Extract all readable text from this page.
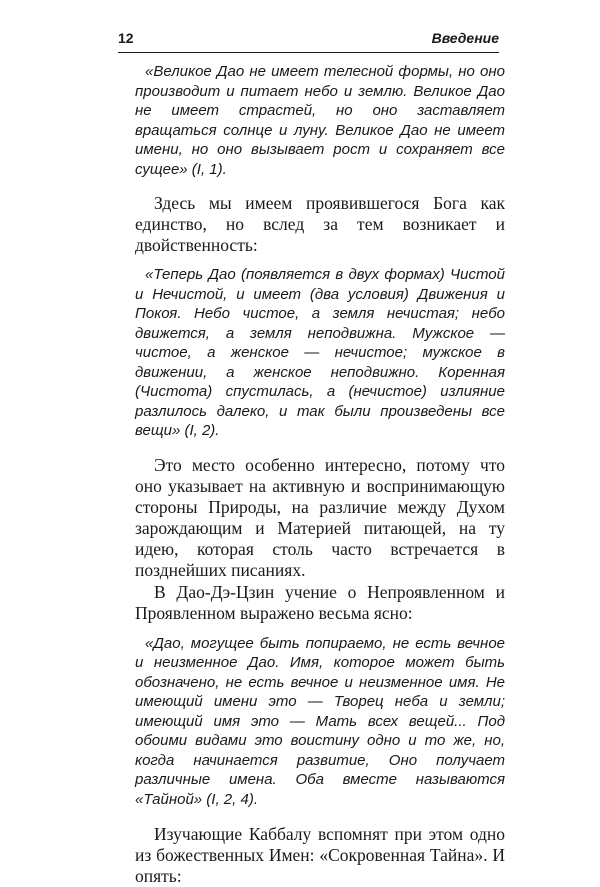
12	Введение

«Великое Дао не имеет телесной формы, но оно производит и питает небо и землю. Великое Дао не имеет страстей, но оно заставляет вращаться солнце и луну. Великое Дао не имеет имени, но оно вызывает рост и сохраняет все сущее» (I, 1).

Здесь мы имеем проявившегося Бога как единство, но вслед за тем возникает и двойственность:

«Теперь Дао (появляется в двух формах) Чистой и Нечистой, и имеет (два условия) Движения и Покоя. Небо чистое, а земля нечистая; небо движется, а земля неподвижна. Мужское — чистое, а женское — нечистое; мужское в движении, а женское неподвижно. Коренная (Чистота) спустилась, а (нечистое) излияние разлилось далеко, и так были произведены все вещи» (I, 2).

Это место особенно интересно, потому что оно указывает на активную и воспринимающую стороны Природы, на различие между Духом зарождающим и Материей питающей, на ту идею, которая столь часто встречается в позднейших писаниях.

В Дао-Дэ-Цзин учение о Непроявленном и Проявленном выражено весьма ясно:

«Дао, могущее быть попираемо, не есть вечное и неизменное Дао. Имя, которое может быть обозначено, не есть вечное и неизменное имя. Не имеющий имени это — Творец неба и земли; имеющий имя это — Мать всех вещей... Под обоими видами это воистину одно и то же, но, когда начинается развитие, Оно получает различные имена. Оба вместе называются «Тайной» (I, 2, 4).

Изучающие Каббалу вспомнят при этом одно из божественных Имен: «Сокровенная Тайна». И опять:
